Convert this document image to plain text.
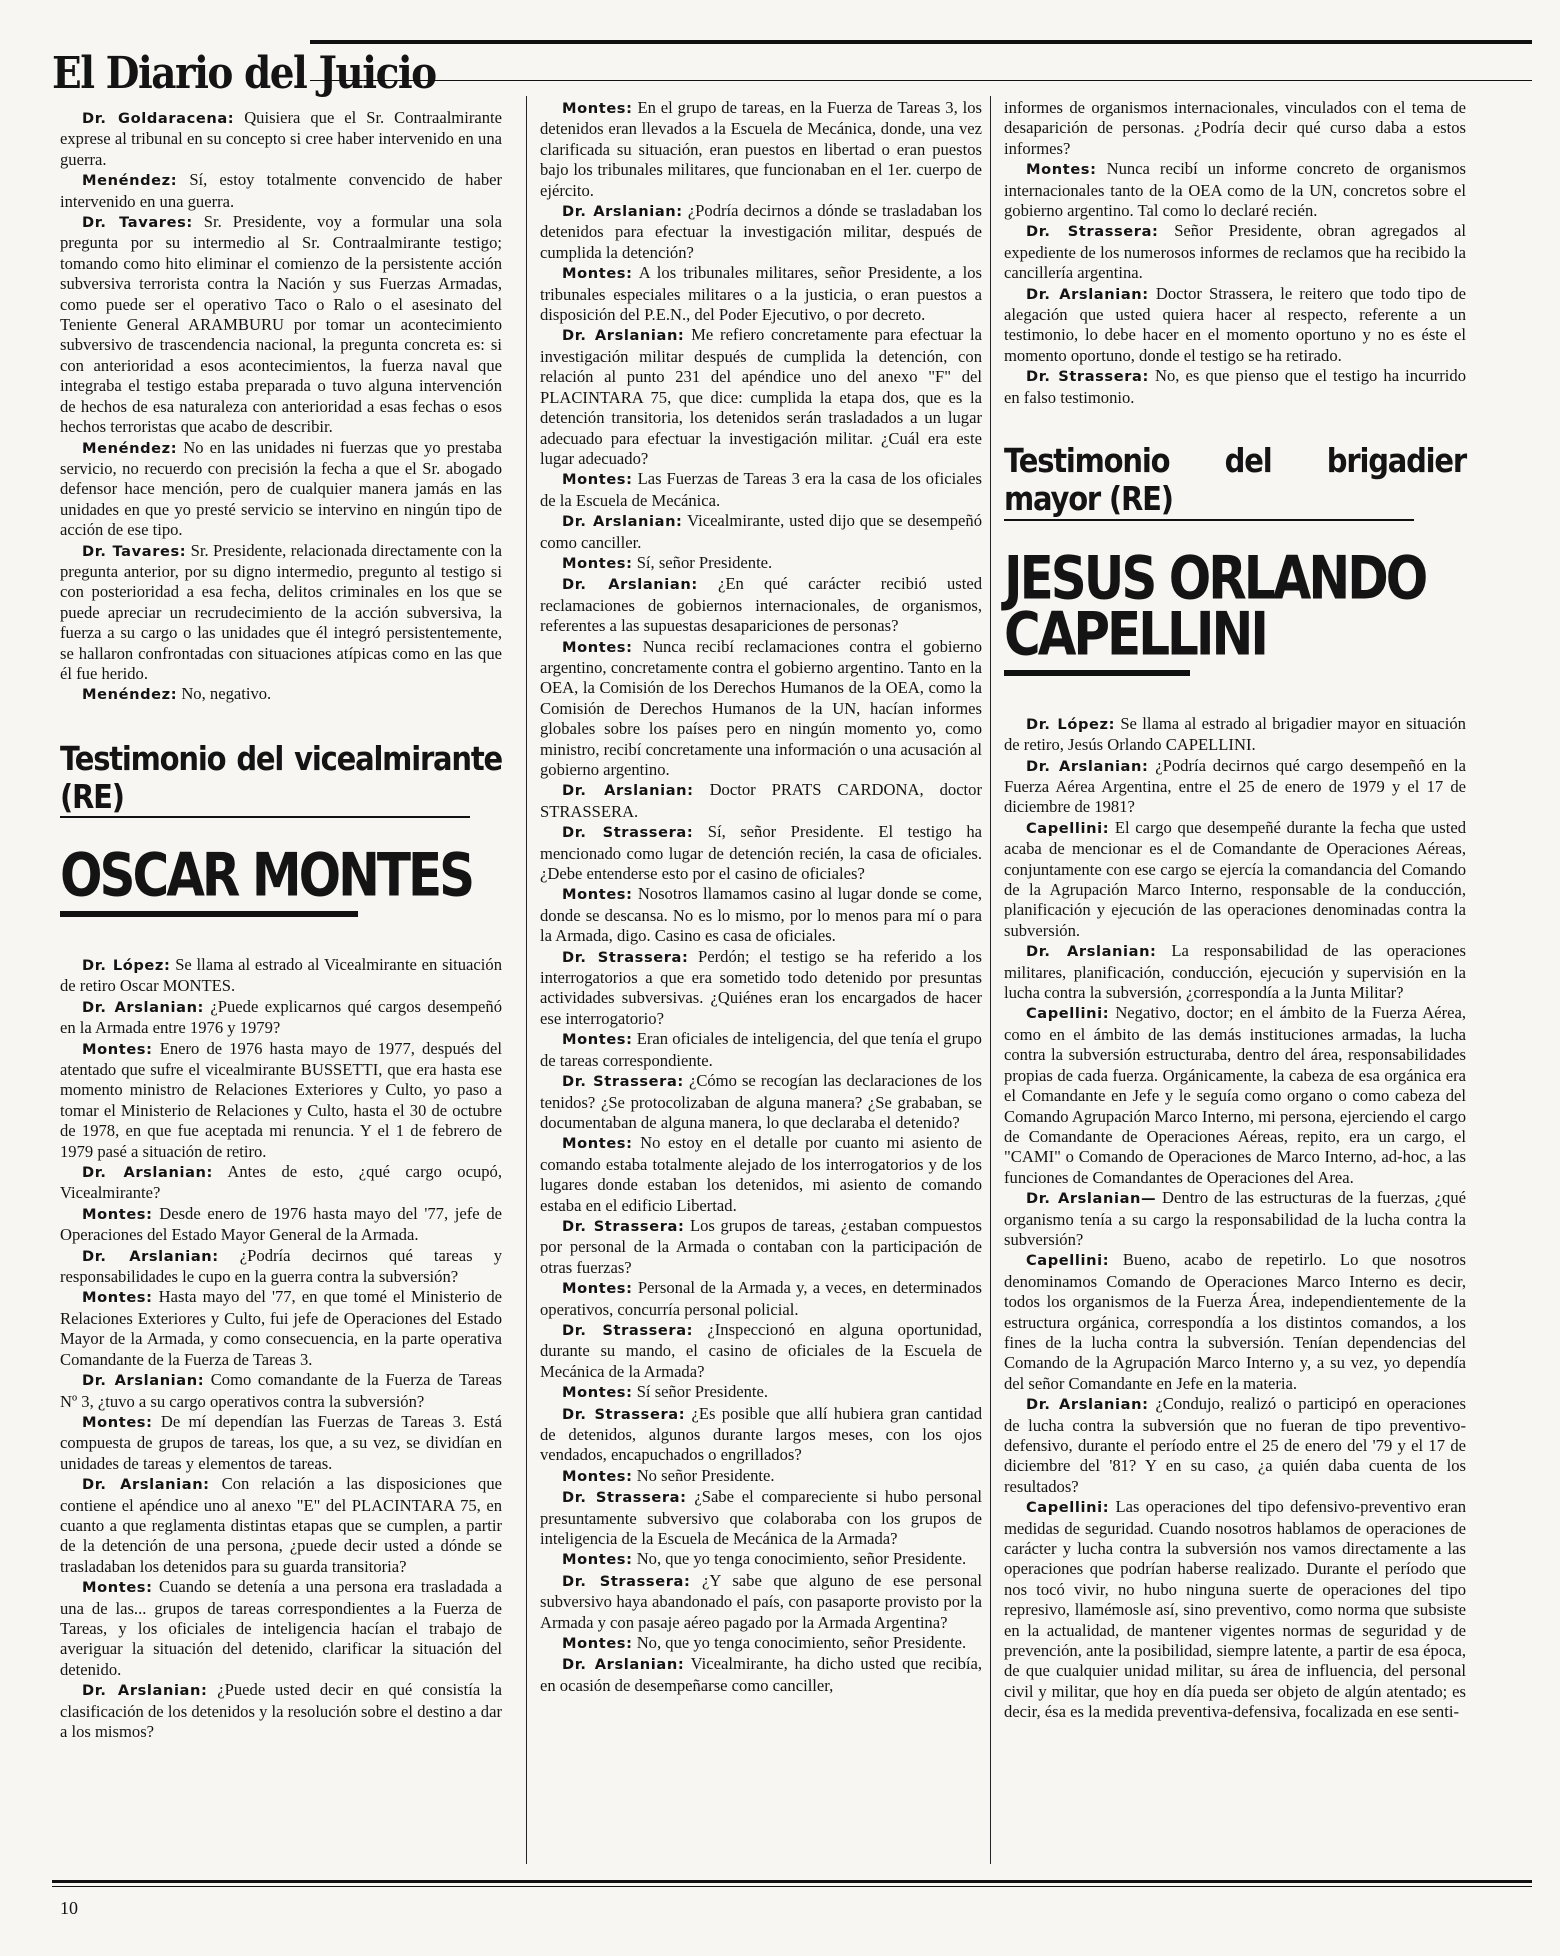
El Diario del Juicio

Dr. Goldaracena: Quisiera que el Sr. Contraalmirante exprese al tribunal en su concepto si cree haber intervenido en una guerra.

Menéndez: Sí, estoy totalmente convencido de haber intervenido en una guerra.

Dr. Tavares: Sr. Presidente, voy a formular una sola pregunta por su intermedio al Sr. Contraalmirante testigo; tomando como hito eliminar el comienzo de la persistente acción subversiva terrorista contra la Nación y sus Fuerzas Armadas, como puede ser el operativo Taco o Ralo o el asesinato del Teniente General ARAMBURU por tomar un acontecimiento subversivo de trascendencia nacional, la pregunta concreta es: si con anterioridad a esos acontecimientos, la fuerza naval que integraba el testigo estaba preparada o tuvo alguna intervención de hechos de esa naturaleza con anterioridad a esas fechas o esos hechos terroristas que acabo de describir.

Menéndez: No en las unidades ni fuerzas que yo prestaba servicio, no recuerdo con precisión la fecha a que el Sr. abogado defensor hace mención, pero de cualquier manera jamás en las unidades en que yo presté servicio se intervino en ningún tipo de acción de ese tipo.

Dr. Tavares: Sr. Presidente, relacionada directamente con la pregunta anterior, por su digno intermedio, pregunto al testigo si con posterioridad a esa fecha, delitos criminales en los que se puede apreciar un recrudecimiento de la acción subversiva, la fuerza a su cargo o las unidades que él integró persistentemente, se hallaron confrontadas con situaciones atípicas como en las que él fue herido.

Menéndez: No, negativo.

Testimonio del vicealmirante (RE)
OSCAR MONTES

Dr. López: Se llama al estrado al Vicealmirante en situación de retiro Oscar MONTES.

Dr. Arslanian: ¿Puede explicarnos qué cargos desempeñó en la Armada entre 1976 y 1979?

Montes: Enero de 1976 hasta mayo de 1977, después del atentado que sufre el vicealmirante BUSSETTI, que era hasta ese momento ministro de Relaciones Exteriores y Culto, yo paso a tomar el Ministerio de Relaciones y Culto, hasta el 30 de octubre de 1978, en que fue aceptada mi renuncia. Y el 1 de febrero de 1979 pasé a situación de retiro.

Dr. Arslanian: Antes de esto, ¿qué cargo ocupó, Vicealmirante?

Montes: Desde enero de 1976 hasta mayo del '77, jefe de Operaciones del Estado Mayor General de la Armada.

Dr. Arslanian: ¿Podría decirnos qué tareas y responsabilidades le cupo en la guerra contra la subversión?

Montes: Hasta mayo del '77, en que tomé el Ministerio de Relaciones Exteriores y Culto, fui jefe de Operaciones del Estado Mayor de la Armada, y como consecuencia, en la parte operativa Comandante de la Fuerza de Tareas 3.

Dr. Arslanian: Como comandante de la Fuerza de Tareas Nº 3, ¿tuvo a su cargo operativos contra la subversión?

Montes: De mí dependían las Fuerzas de Tareas 3. Está compuesta de grupos de tareas, los que, a su vez, se dividían en unidades de tareas y elementos de tareas.

Dr. Arslanian: Con relación a las disposiciones que contiene el apéndice uno al anexo "E" del PLACINTARA 75, en cuanto a que reglamenta distintas etapas que se cumplen, a partir de la detención de una persona, ¿puede decir usted a dónde se trasladaban los detenidos para su guarda transitoria?

Montes: Cuando se detenía a una persona era trasladada a una de las... grupos de tareas correspondientes a la Fuerza de Tareas, y los oficiales de inteligencia hacían el trabajo de averiguar la situación del detenido, clarificar la situación del detenido.

Dr. Arslanian: ¿Puede usted decir en qué consistía la clasificación de los detenidos y la resolución sobre el destino a dar a los mismos?

Montes: En el grupo de tareas, en la Fuerza de Tareas 3, los detenidos eran llevados a la Escuela de Mecánica, donde, una vez clarificada su situación, eran puestos en libertad o eran puestos bajo los tribunales militares, que funcionaban en el 1er. cuerpo de ejército.

Dr. Arslanian: ¿Podría decirnos a dónde se trasladaban los detenidos para efectuar la investigación militar, después de cumplida la detención?

Montes: A los tribunales militares, señor Presidente, a los tribunales especiales militares o a la justicia, o eran puestos a disposición del P.E.N., del Poder Ejecutivo, o por decreto.

Dr. Arslanian: Me refiero concretamente para efectuar la investigación militar después de cumplida la detención, con relación al punto 231 del apéndice uno del anexo "F" del PLACINTARA 75, que dice: cumplida la etapa dos, que es la detención transitoria, los detenidos serán trasladados a un lugar adecuado para efectuar la investigación militar. ¿Cuál era este lugar adecuado?

Montes: Las Fuerzas de Tareas 3 era la casa de los oficiales de la Escuela de Mecánica.

Dr. Arslanian: Vicealmirante, usted dijo que se desempeñó como canciller.

Montes: Sí, señor Presidente.

Dr. Arslanian: ¿En qué carácter recibió usted reclamaciones de gobiernos internacionales, de organismos, referentes a las supuestas desapariciones de personas?

Montes: Nunca recibí reclamaciones contra el gobierno argentino, concretamente contra el gobierno argentino. Tanto en la OEA, la Comisión de los Derechos Humanos de la OEA, como la Comisión de Derechos Humanos de la UN, hacían informes globales sobre los países pero en ningún momento yo, como ministro, recibí concretamente una información o una acusación al gobierno argentino.

Dr. Arslanian: Doctor PRATS CARDONA, doctor STRASSERA.

Dr. Strassera: Sí, señor Presidente. El testigo ha mencionado como lugar de detención recién, la casa de oficiales. ¿Debe entenderse esto por el casino de oficiales?

Montes: Nosotros llamamos casino al lugar donde se come, donde se descansa. No es lo mismo, por lo menos para mí o para la Armada, digo. Casino es casa de oficiales.

Dr. Strassera: Perdón; el testigo se ha referido a los interrogatorios a que era sometido todo detenido por presuntas actividades subversivas. ¿Quiénes eran los encargados de hacer ese interrogatorio?

Montes: Eran oficiales de inteligencia, del que tenía el grupo de tareas correspondiente.

Dr. Strassera: ¿Cómo se recogían las declaraciones de los tenidos? ¿Se protocolizaban de alguna manera? ¿Se grababan, se documentaban de alguna manera, lo que declaraba el detenido?

Montes: No estoy en el detalle por cuanto mi asiento de comando estaba totalmente alejado de los interrogatorios y de los lugares donde estaban los detenidos, mi asiento de comando estaba en el edificio Libertad.

Dr. Strassera: Los grupos de tareas, ¿estaban compuestos por personal de la Armada o contaban con la participación de otras fuerzas?

Montes: Personal de la Armada y, a veces, en determinados operativos, concurría personal policial.

Dr. Strassera: ¿Inspeccionó en alguna oportunidad, durante su mando, el casino de oficiales de la Escuela de Mecánica de la Armada?

Montes: Sí señor Presidente.

Dr. Strassera: ¿Es posible que allí hubiera gran cantidad de detenidos, algunos durante largos meses, con los ojos vendados, encapuchados o engrillados?

Montes: No señor Presidente.

Dr. Strassera: ¿Sabe el compareciente si hubo personal presuntamente subversivo que colaboraba con los grupos de inteligencia de la Escuela de Mecánica de la Armada?

Montes: No, que yo tenga conocimiento, señor Presidente.

Dr. Strassera: ¿Y sabe que alguno de ese personal subversivo haya abandonado el país, con pasaporte provisto por la Armada y con pasaje aéreo pagado por la Armada Argentina?

Montes: No, que yo tenga conocimiento, señor Presidente.

Dr. Arslanian: Vicealmirante, ha dicho usted que recibía, en ocasión de desempeñarse como canciller,

informes de organismos internacionales, vinculados con el tema de desaparición de personas. ¿Podría decir qué curso daba a estos informes?

Montes: Nunca recibí un informe concreto de organismos internacionales tanto de la OEA como de la UN, concretos sobre el gobierno argentino. Tal como lo declaré recién.

Dr. Strassera: Señor Presidente, obran agregados al expediente de los numerosos informes de reclamos que ha recibido la cancillería argentina.

Dr. Arslanian: Doctor Strassera, le reitero que todo tipo de alegación que usted quiera hacer al respecto, referente a un testimonio, lo debe hacer en el momento oportuno y no es éste el momento oportuno, donde el testigo se ha retirado.

Dr. Strassera: No, es que pienso que el testigo ha incurrido en falso testimonio.

Testimonio del brigadier mayor (RE)
JESUS ORLANDO
CAPELLINI

Dr. López: Se llama al estrado al brigadier mayor en situación de retiro, Jesús Orlando CAPELLINI.

Dr. Arslanian: ¿Podría decirnos qué cargo desempeñó en la Fuerza Aérea Argentina, entre el 25 de enero de 1979 y el 17 de diciembre de 1981?

Capellini: El cargo que desempeñé durante la fecha que usted acaba de mencionar es el de Comandante de Operaciones Aéreas, conjuntamente con ese cargo se ejercía la comandancia del Comando de la Agrupación Marco Interno, responsable de la conducción, planificación y ejecución de las operaciones denominadas contra la subversión.

Dr. Arslanian: La responsabilidad de las operaciones militares, planificación, conducción, ejecución y supervisión en la lucha contra la subversión, ¿correspondía a la Junta Militar?

Capellini: Negativo, doctor; en el ámbito de la Fuerza Aérea, como en el ámbito de las demás instituciones armadas, la lucha contra la subversión estructuraba, dentro del área, responsabilidades propias de cada fuerza. Orgánicamente, la cabeza de esa orgánica era el Comandante en Jefe y le seguía como organo o como cabeza del Comando Agrupación Marco Interno, mi persona, ejerciendo el cargo de Comandante de Operaciones Aéreas, repito, era un cargo, el "CAMI" o Comando de Operaciones de Marco Interno, ad-hoc, a las funciones de Comandantes de Operaciones del Area.

Dr. Arslanian— Dentro de las estructuras de la fuerzas, ¿qué organismo tenía a su cargo la responsabilidad de la lucha contra la subversión?

Capellini: Bueno, acabo de repetirlo. Lo que nosotros denominamos Comando de Operaciones Marco Interno es decir, todos los organismos de la Fuerza Área, independientemente de la estructura orgánica, correspondía a los distintos comandos, a los fines de la lucha contra la subversión. Tenían dependencias del Comando de la Agrupación Marco Interno y, a su vez, yo dependía del señor Comandante en Jefe en la materia.

Dr. Arslanian: ¿Condujo, realizó o participó en operaciones de lucha contra la subversión que no fueran de tipo preventivo-defensivo, durante el período entre el 25 de enero del '79 y el 17 de diciembre del '81? Y en su caso, ¿a quién daba cuenta de los resultados?

Capellini: Las operaciones del tipo defensivo-preventivo eran medidas de seguridad. Cuando nosotros hablamos de operaciones de carácter y lucha contra la subversión nos vamos directamente a las operaciones que podrían haberse realizado. Durante el período que nos tocó vivir, no hubo ninguna suerte de operaciones del tipo represivo, llamémosle así, sino preventivo, como norma que subsiste en la actualidad, de mantener vigentes normas de seguridad y de prevención, ante la posibilidad, siempre latente, a partir de esa época, de que cualquier unidad militar, su área de influencia, del personal civil y militar, que hoy en día pueda ser objeto de algún atentado; es decir, ésa es la medida preventiva-defensiva, focalizada en ese senti-

10
